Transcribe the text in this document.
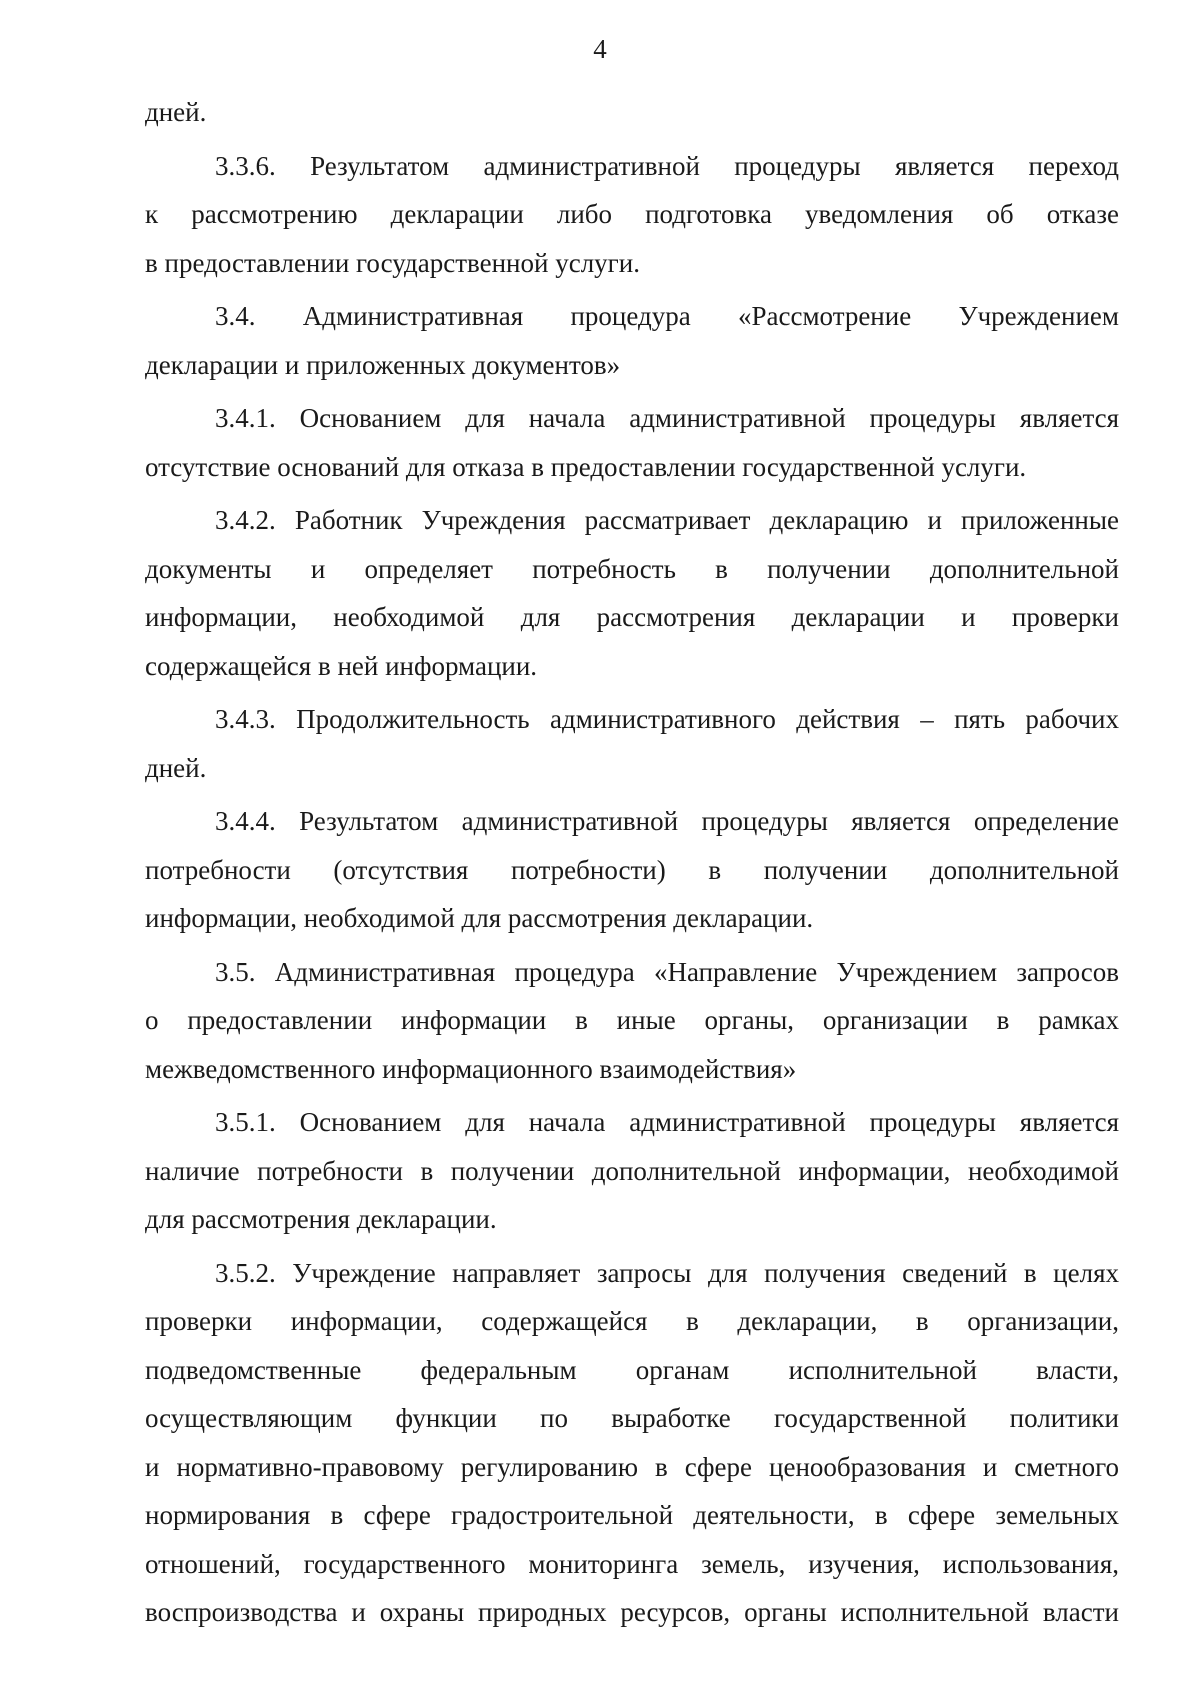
4
дней.
3.3.6. Результатом административной процедуры является переход
к рассмотрению декларации либо подготовка уведомления об отказе
в предоставлении государственной услуги.
3.4. Административная процедура «Рассмотрение Учреждением
декларации и приложенных документов»
3.4.1. Основанием для начала административной процедуры является
отсутствие оснований для отказа в предоставлении государственной услуги.
3.4.2. Работник Учреждения рассматривает декларацию и приложенные
документы и определяет потребность в получении дополнительной
информации, необходимой для рассмотрения декларации и проверки
содержащейся в ней информации.
3.4.3. Продолжительность административного действия – пять рабочих
дней.
3.4.4. Результатом административной процедуры является определение
потребности (отсутствия потребности) в получении дополнительной
информации, необходимой для рассмотрения декларации.
3.5. Административная процедура «Направление Учреждением запросов
о предоставлении информации в иные органы, организации в рамках
межведомственного информационного взаимодействия»
3.5.1. Основанием для начала административной процедуры является
наличие потребности в получении дополнительной информации, необходимой
для рассмотрения декларации.
3.5.2. Учреждение направляет запросы для получения сведений в целях
проверки информации, содержащейся в декларации, в организации,
подведомственные федеральным органам исполнительной власти,
осуществляющим функции по выработке государственной политики
и нормативно-правовому регулированию в сфере ценообразования и сметного
нормирования в сфере градостроительной деятельности, в сфере земельных
отношений, государственного мониторинга земель, изучения, использования,
воспроизводства и охраны природных ресурсов, органы исполнительной власти
